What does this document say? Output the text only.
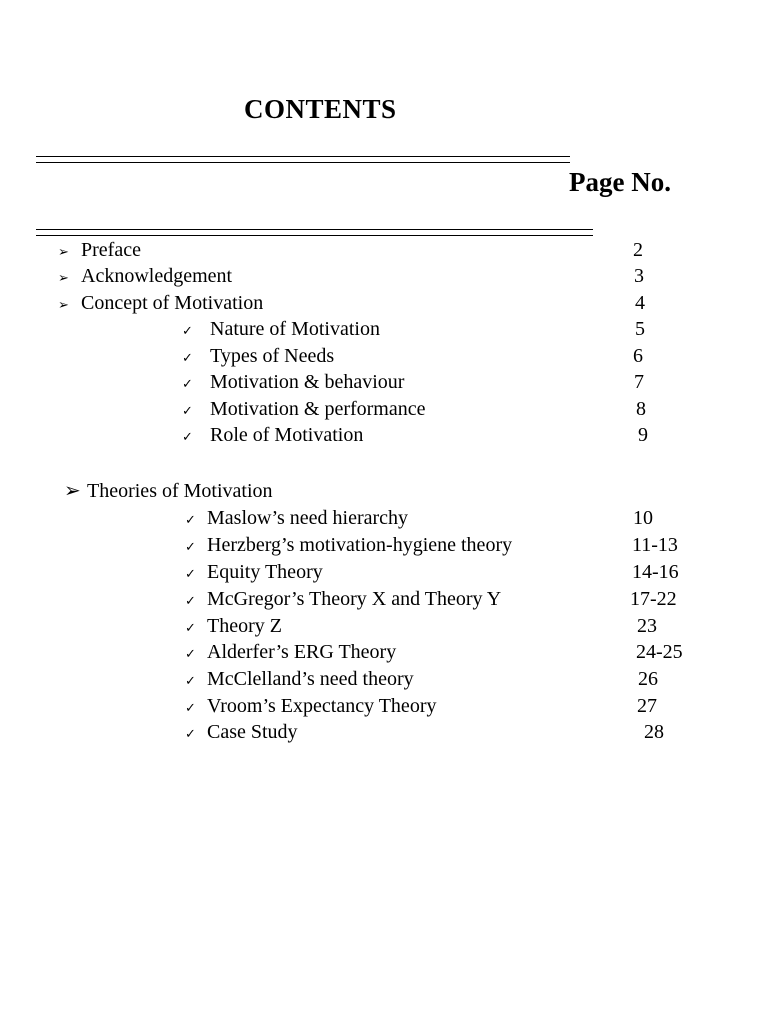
CONTENTS
Page No.
➢ Preface	2
➢ Acknowledgement	3
➢ Concept of Motivation	4
✓ Nature of Motivation	5
✓ Types of Needs	6
✓ Motivation & behaviour	7
✓ Motivation & performance	8
✓ Role of Motivation	9
➢ Theories of Motivation
✓ Maslow’s need hierarchy	10
✓ Herzberg’s motivation-hygiene theory	11-13
✓ Equity Theory	14-16
✓ McGregor’s Theory X and Theory Y	17-22
✓ Theory Z	23
✓ Alderfer’s ERG Theory	24-25
✓ McClelland’s need theory	26
✓ Vroom’s Expectancy Theory	27
✓ Case Study	28
